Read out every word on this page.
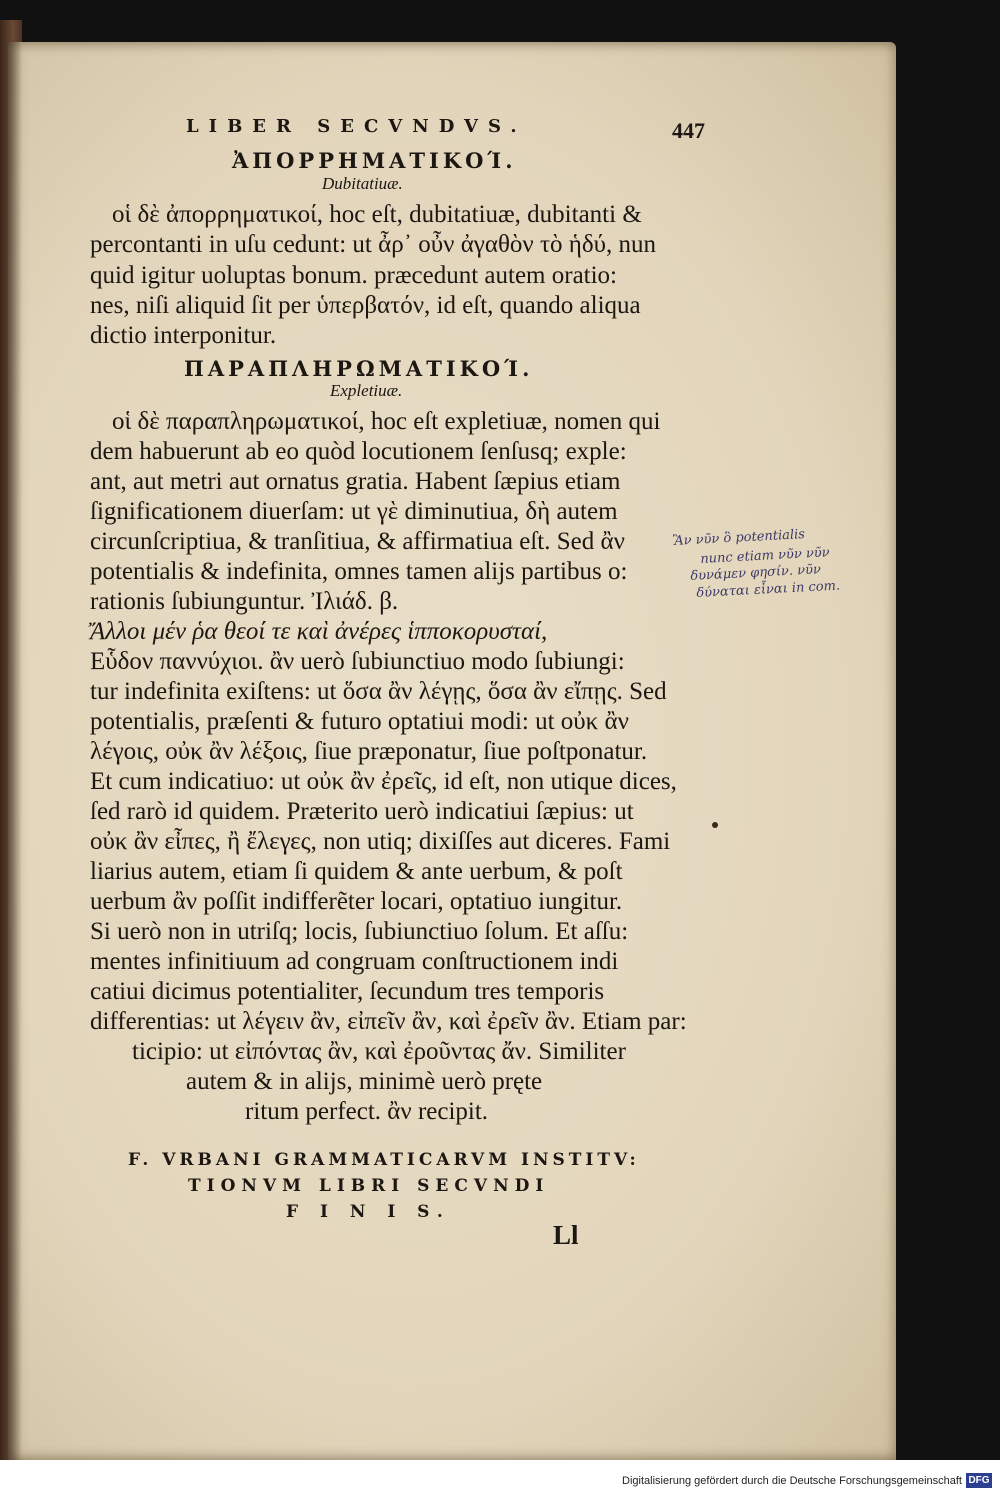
LIBER SECVNDVS.	447
ἈΠΟΡΡΗΜΑΤΙΚΟΊ.
Dubitatiuæ.
οἱ δὲ ἀπορρηματικοί, hoc eſt, dubitatiuæ, dubitanti &
percontanti in uſu cedunt: ut ἆρ᾽ οὖν ἀγαθὸν τὸ ἡδύ, nun
quid igitur uoluptas bonum. præcedunt autem oratio:
nes, niſi aliquid ſit per ὑπερβατόν, id eſt, quando aliqua
dictio interponitur.
ΠΑΡΑΠΛΗΡΩΜΑΤΙΚΟΊ.
Expletiuæ.
οἱ δὲ παραπληρωματικοί, hoc eſt expletiuæ, nomen qui
dem habuerunt ab eo quòd locutionem ſenſusq; exple:
ant, aut metri aut ornatus gratia. Habent ſæpius etiam
ſignificationem diuerſam: ut γὲ diminutiua, δὴ autem
circunſcriptiua, & tranſitiua, & affirmatiua eſt. Sed ἂν
potentialis & indefinita, omnes tamen alijs partibus o:
rationis ſubiunguntur. Ἰλιάδ. β.
Ἄλλοι μέν ῥα θεοί τε καὶ ἀνέρες ἱπποκορυσταί,
Εὗδον παννύχιοι. ἂν uerò ſubiunctiuo modo ſubiungi:
tur indefinita exiſtens: ut ὅσα ἂν λέγῃς, ὅσα ἂν εἴπῃς. Sed
potentialis, præſenti & futuro optatiui modi: ut οὐκ ἂν
λέγοις, οὐκ ἂν λέξοις, ſiue præponatur, ſiue poſtponatur.
Et cum indicatiuo: ut οὐκ ἂν ἐρεῖς, id eſt, non utique dices,
ſed rarò id quidem. Præterito uerò indicatiui ſæpius: ut
οὐκ ἂν εἶπες, ἢ ἔλεγες, non utiq; dixiſſes aut diceres. Fami
liarius autem, etiam ſi quidem & ante uerbum, & poſt
uerbum ἂν poſſit indifferẽter locari, optatiuo iungitur.
Si uerò non in utriſq; locis, ſubiunctiuo ſolum. Et aſſu:
mentes infinitiuum ad congruam conſtructionem indi
catiui dicimus potentialiter, ſecundum tres temporis
differentias: ut λέγειν ἂν, εἰπεῖν ἂν, καὶ ἐρεῖν ἂν. Etiam par:
ticipio: ut εἰπόντας ἂν, καὶ ἐροῦντας ἄν. Similiter
autem & in alijs, minimè uerò pręte
ritum perfect. ἂν recipit.
F. VRBANI GRAMMATICARVM INSTITV:
TIONVM LIBRI SECVNDI
F I N I S.
Ll
Ἂν νῦν ὃ potentialis
nunc etiam νῦν νῦν
δυνάμεν φησίν. νῦν
δύναται εἶναι in com.
Digitalisierung gefördert durch die Deutsche Forschungsgemeinschaft DFG
